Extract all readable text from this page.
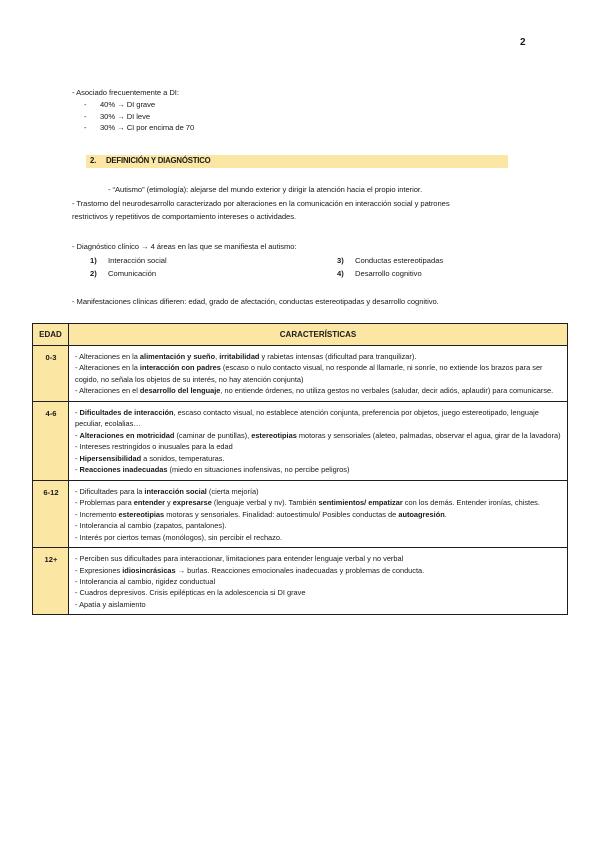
2
- Asociado frecuentemente a DI:
- 40% → DI grave
- 30% → DI leve
- 30% → CI por encima de 70
2. DEFINICIÓN Y DIAGNÓSTICO
- “Autismo” (etimología): alejarse del mundo exterior y dirigir la atención hacia el propio interior.
- Trastorno del neurodesarrollo caracterizado por alteraciones en la comunicación en interacción social y patrones
restrictivos y repetitivos de comportamiento intereses o actividades.
- Diagnóstico clínico → 4 áreas en las que se manifiesta el autismo:
1)	Interacción social	3)	Conductas estereotipadas
2)	Comunicación	4)	Desarrollo cognitivo
- Manifestaciones clínicas difieren: edad, grado de afectación, conductas estereotipadas y desarrollo cognitivo.
EDAD	CARACTERÍSTICAS
0-3	- Alteraciones en la alimentación y sueño, irritabilidad y rabietas intensas (dificultad para tranquilizar).

- Alteraciones en la interacción con padres (escaso o nulo contacto visual, no responde al llamarle, ni sonríe, no extiende los brazos para ser cogido, no señala los objetos de su interés, no hay atención conjunta)

- Alteraciones en el desarrollo del lenguaje, no entiende órdenes, no utiliza gestos no verbales (saludar, decir adiós, aplaudir) para comunicarse.

4-6	- Dificultades de interacción, escaso contacto visual, no establece atención conjunta, preferencia por objetos, juego estereotipado, lenguaje peculiar, ecolalias…

- Alteraciones en motricidad (caminar de puntillas), estereotipias motoras y sensoriales (aleteo, palmadas, observar el agua, girar de la lavadora)

- Intereses restringidos o inusuales para la edad

- Hipersensibilidad a sonidos, temperaturas.

- Reacciones inadecuadas (miedo en situaciones inofensivas, no percibe peligros)

6-12	- Dificultades para la interacción social (cierta mejoría)

- Problemas para entender y expresarse (lenguaje verbal y nv). También sentimientos/ empatizar con los demás. Entender ironías, chistes.

- Incremento estereotipias motoras y sensoriales. Finalidad: autoestimulo/ Posibles conductas de autoagresión.

- Intolerancia al cambio (zapatos, pantalones).

- Interés por ciertos temas (monólogos), sin percibir el rechazo.

12+	- Perciben sus dificultades para interaccionar, limitaciones para entender lenguaje verbal y no verbal

- Expresiones idiosincrásicas → burlas. Reacciones emocionales inadecuadas y problemas de conducta.

- Intolerancia al cambio, rigidez conductual

- Cuadros depresivos. Crisis epilépticas en la adolescencia si DI grave

- Apatía y aislamiento
